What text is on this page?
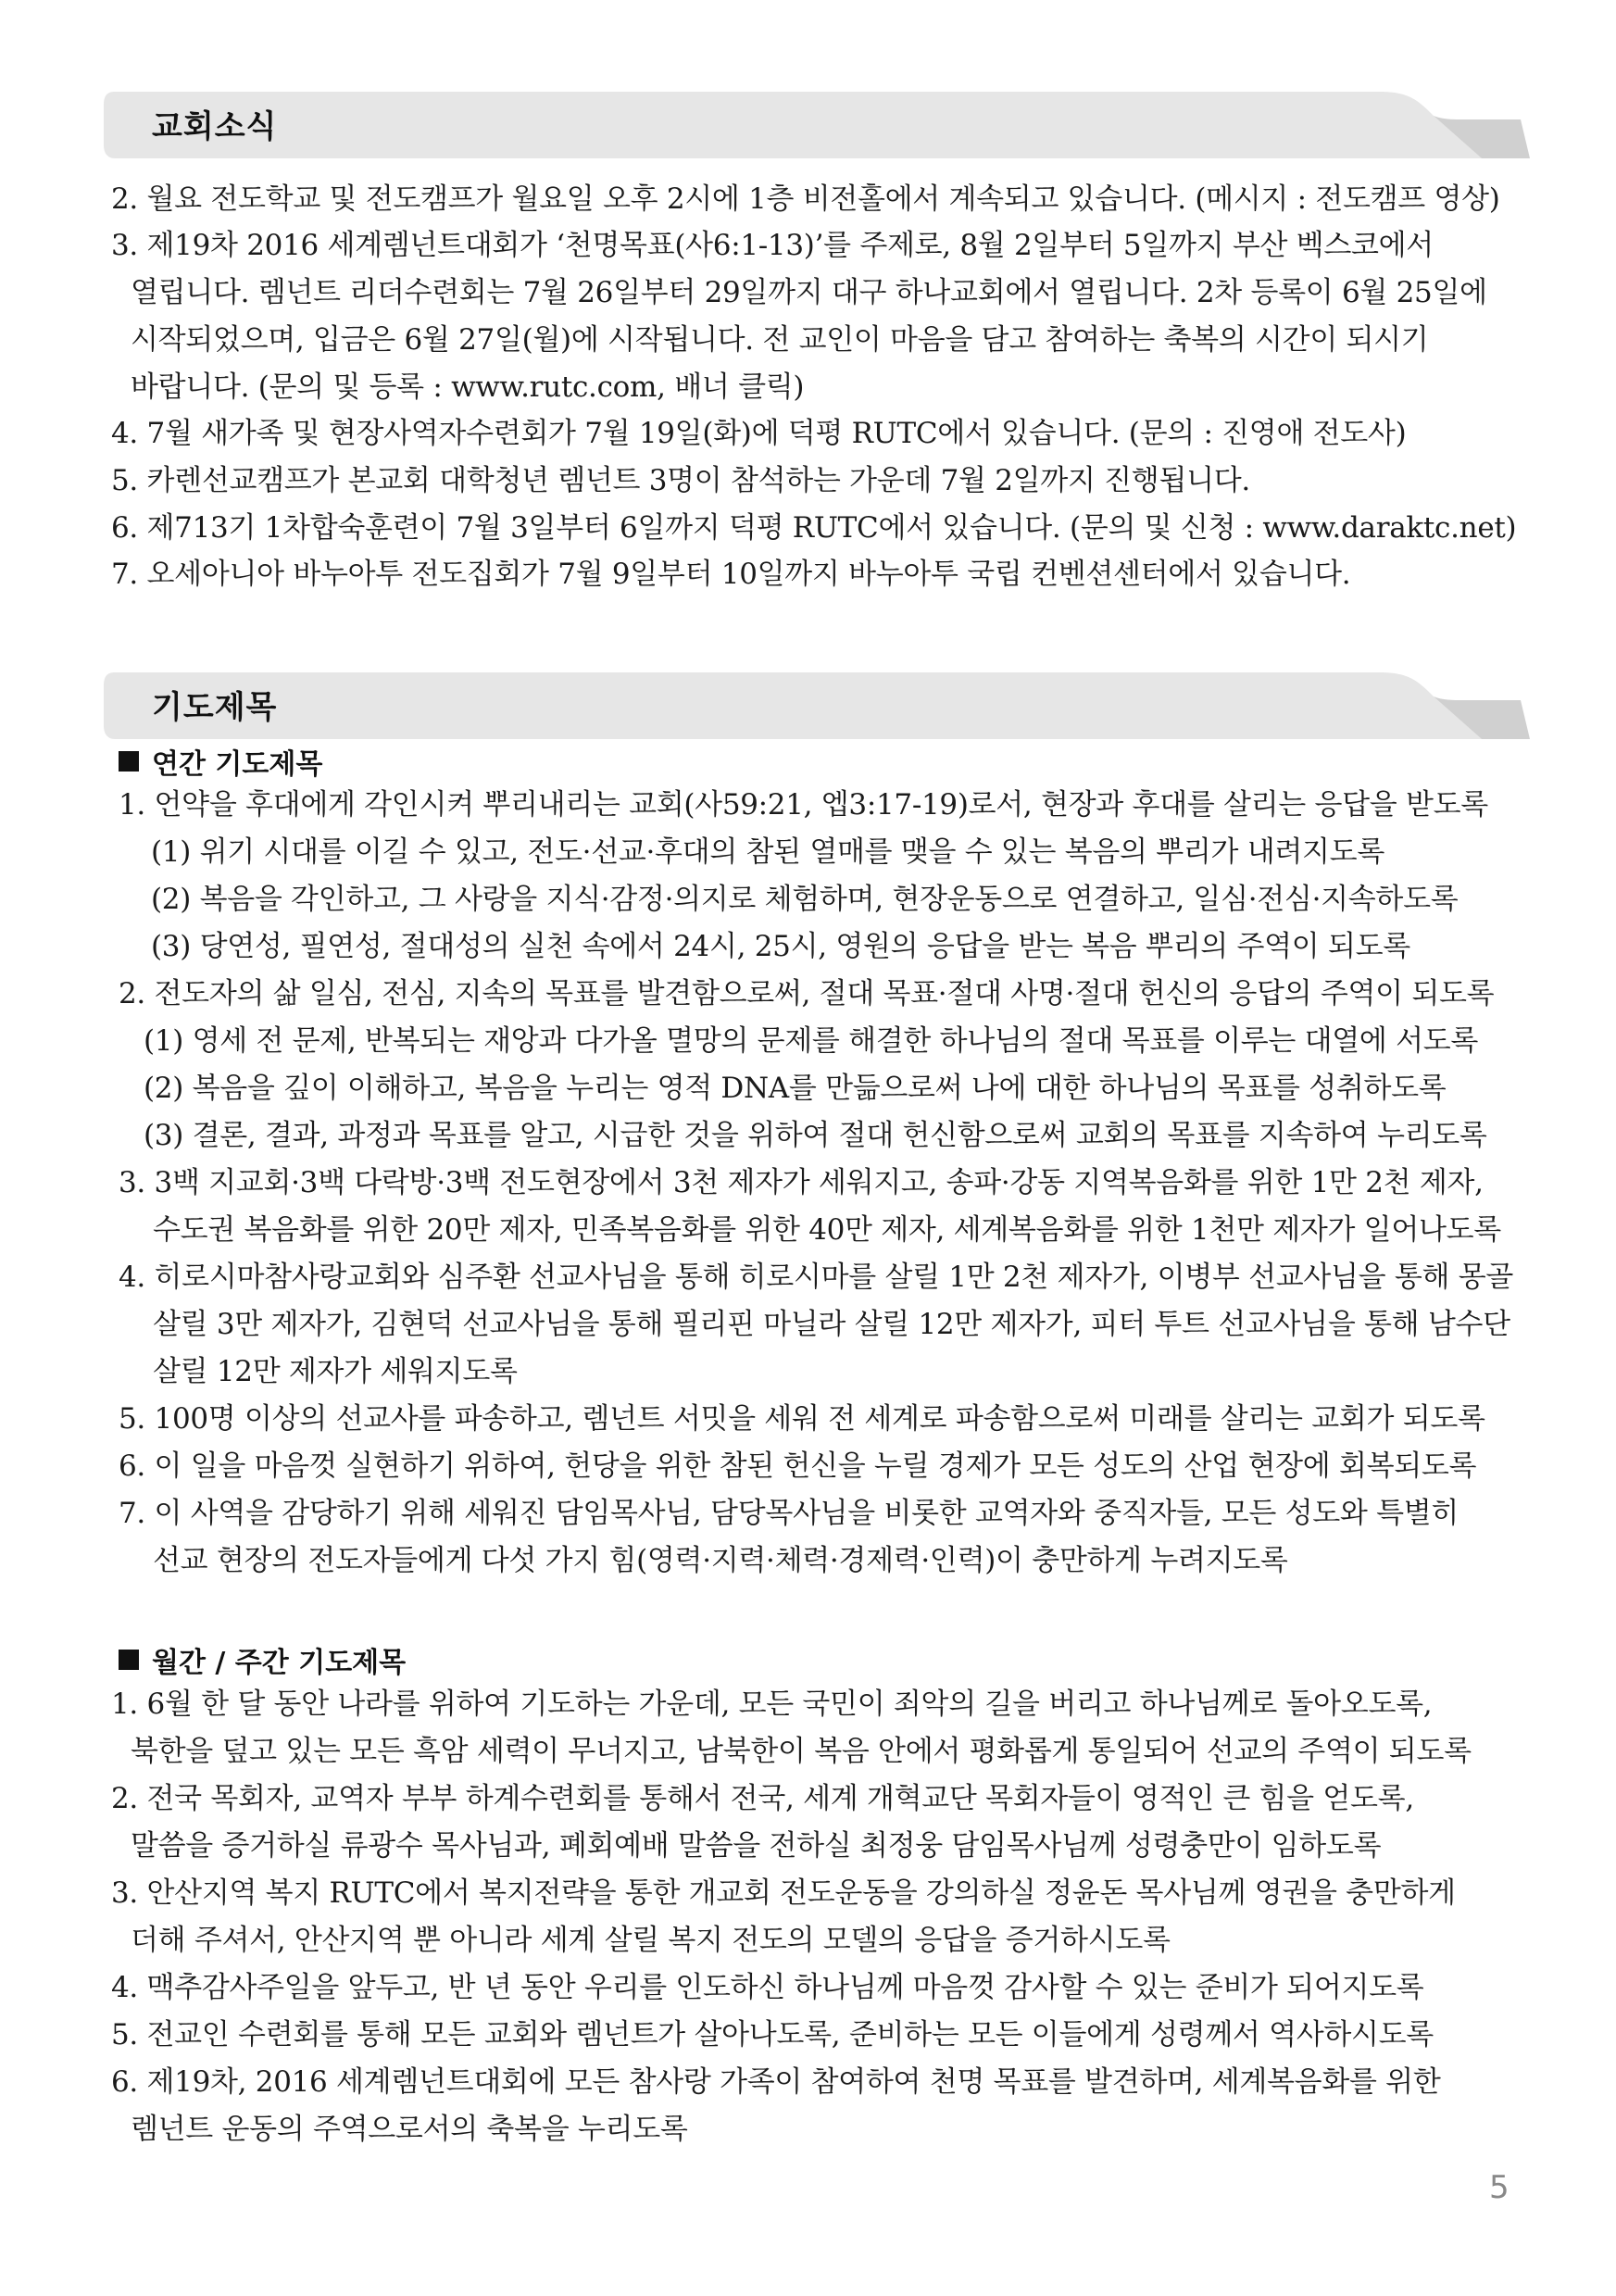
교회소식
2. 월요 전도학교 및 전도캠프가 월요일 오후 2시에 1층 비전홀에서 계속되고 있습니다. (메시지 : 전도캠프 영상)
3. 제19차 2016 세계렘넌트대회가 ‘천명목표(사6:1-13)’를 주제로, 8월 2일부터 5일까지 부산 벡스코에서
열립니다. 렘넌트 리더수련회는 7월 26일부터 29일까지 대구 하나교회에서 열립니다. 2차 등록이 6월 25일에
시작되었으며, 입금은 6월 27일(월)에 시작됩니다. 전 교인이 마음을 담고 참여하는 축복의 시간이 되시기
바랍니다. (문의 및 등록 : www.rutc.com, 배너 클릭)
4. 7월 새가족 및 현장사역자수련회가 7월 19일(화)에 덕평 RUTC에서 있습니다. (문의 : 진영애 전도사)
5. 카렌선교캠프가 본교회 대학청년 렘넌트 3명이 참석하는 가운데 7월 2일까지 진행됩니다.
6. 제713기 1차합숙훈련이 7월 3일부터 6일까지 덕평 RUTC에서 있습니다. (문의 및 신청 : www.daraktc.net)
7. 오세아니아 바누아투 전도집회가 7월 9일부터 10일까지 바누아투 국립 컨벤션센터에서 있습니다.
기도제목
연간 기도제목
1. 언약을 후대에게 각인시켜 뿌리내리는 교회(사59:21, 엡3:17-19)로서, 현장과 후대를 살리는 응답을 받도록
(1) 위기 시대를 이길 수 있고, 전도·선교·후대의 참된 열매를 맺을 수 있는 복음의 뿌리가 내려지도록
(2) 복음을 각인하고, 그 사랑을 지식·감정·의지로 체험하며, 현장운동으로 연결하고, 일심·전심·지속하도록
(3) 당연성, 필연성, 절대성의 실천 속에서 24시, 25시, 영원의 응답을 받는 복음 뿌리의 주역이 되도록
2. 전도자의 삶 일심, 전심, 지속의 목표를 발견함으로써, 절대 목표·절대 사명·절대 헌신의 응답의 주역이 되도록
(1) 영세 전 문제, 반복되는 재앙과 다가올 멸망의 문제를 해결한 하나님의 절대 목표를 이루는 대열에 서도록
(2) 복음을 깊이 이해하고, 복음을 누리는 영적 DNA를 만듦으로써 나에 대한 하나님의 목표를 성취하도록
(3) 결론, 결과, 과정과 목표를 알고, 시급한 것을 위하여 절대 헌신함으로써 교회의 목표를 지속하여 누리도록
3. 3백 지교회·3백 다락방·3백 전도현장에서 3천 제자가 세워지고, 송파·강동 지역복음화를 위한 1만 2천 제자,
수도권 복음화를 위한 20만 제자, 민족복음화를 위한 40만 제자, 세계복음화를 위한 1천만 제자가 일어나도록
4. 히로시마참사랑교회와 심주환 선교사님을 통해 히로시마를 살릴 1만 2천 제자가, 이병부 선교사님을 통해 몽골
살릴 3만 제자가, 김현덕 선교사님을 통해 필리핀 마닐라 살릴 12만 제자가, 피터 투트 선교사님을 통해 남수단
살릴 12만 제자가 세워지도록
5. 100명 이상의 선교사를 파송하고, 렘넌트 서밋을 세워 전 세계로 파송함으로써 미래를 살리는 교회가 되도록
6. 이 일을 마음껏 실현하기 위하여, 헌당을 위한 참된 헌신을 누릴 경제가 모든 성도의 산업 현장에 회복되도록
7. 이 사역을 감당하기 위해 세워진 담임목사님, 담당목사님을 비롯한 교역자와 중직자들, 모든 성도와 특별히
선교 현장의 전도자들에게 다섯 가지 힘(영력·지력·체력·경제력·인력)이 충만하게 누려지도록
월간 / 주간 기도제목
1. 6월 한 달 동안 나라를 위하여 기도하는 가운데, 모든 국민이 죄악의 길을 버리고 하나님께로 돌아오도록,
북한을 덮고 있는 모든 흑암 세력이 무너지고, 남북한이 복음 안에서 평화롭게 통일되어 선교의 주역이 되도록
2. 전국 목회자, 교역자 부부 하계수련회를 통해서 전국, 세계 개혁교단 목회자들이 영적인 큰 힘을 얻도록,
말씀을 증거하실 류광수 목사님과, 폐회예배 말씀을 전하실 최정웅 담임목사님께 성령충만이 임하도록
3. 안산지역 복지 RUTC에서 복지전략을 통한 개교회 전도운동을 강의하실 정윤돈 목사님께 영권을 충만하게
더해 주셔서, 안산지역 뿐 아니라 세계 살릴 복지 전도의 모델의 응답을 증거하시도록
4. 맥추감사주일을 앞두고, 반 년 동안 우리를 인도하신 하나님께 마음껏 감사할 수 있는 준비가 되어지도록
5. 전교인 수련회를 통해 모든 교회와 렘넌트가 살아나도록, 준비하는 모든 이들에게 성령께서 역사하시도록
6. 제19차, 2016 세계렘넌트대회에 모든 참사랑 가족이 참여하여 천명 목표를 발견하며, 세계복음화를 위한
렘넌트 운동의 주역으로서의 축복을 누리도록
5
